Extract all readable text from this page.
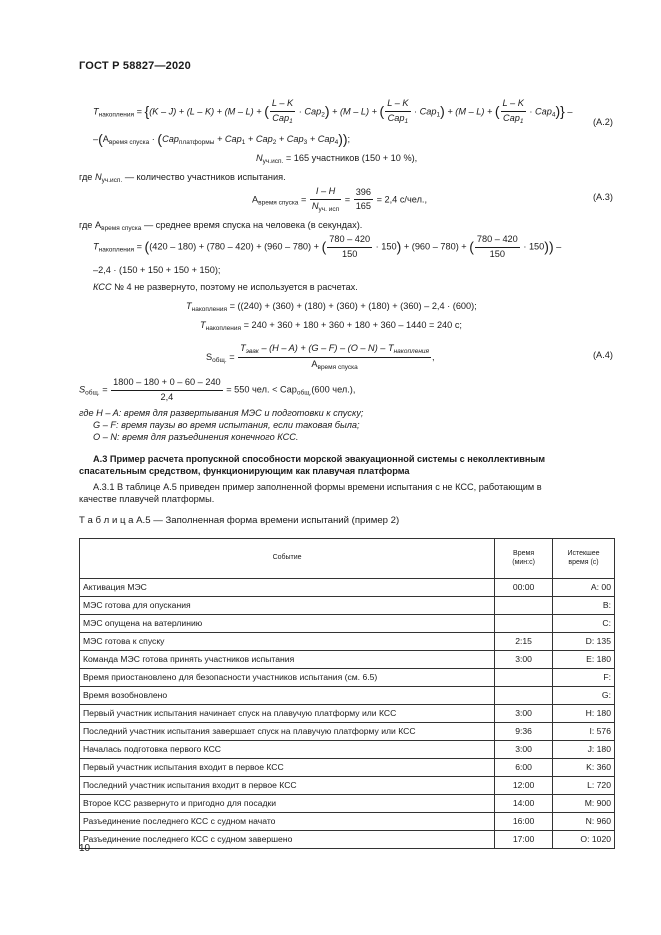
ГОСТ Р 58827—2020
$T_{накопления} = \{(K - J) + (L - K) + (M - L)$ + ( $\frac{L - K}{Cap_1} \cdot Cap_2) + (M - L)$ + ( $\frac{L - K}{Cap_1} \cdot Cap_1) + (M - L)$ + ( $\frac{L - K}{Cap_1} \cdot Cap_4$)} –
(A.2)
$-(A_{время спуска} \cdot (Cap_{платформы} + Cap_1 + Cap_2 + Cap_3 + Cap_4))$;
$N_{уч.исп.} = 165$ участников (150 + 10 %),
где $N_{уч.исп.}$ — количество участников испытания.
$A_{время спуска} = \frac{I - H}{N_{уч. исп}} = \frac{396}{165} = 2,4$ с/чел.,	(A.3)
где $A_{время спуска}$ — среднее время спуска на человека (в секундах).
$T_{накопления} = ((420 - 180) + (780 - 420) + (960 - 780)$ + ( $\frac{780 - 420}{150} \cdot 150) + (960 - 780)$ + ( $\frac{780 - 420}{150} \cdot 150$)) –
–2,4 · (150 + 150 + 150 + 150);
КСС № 4 не развернуто, поэтому не используется в расчетах.
$T_{накопления} = ((240) + (360) + (180) + (360) + (180) + (360) - 2,4 \cdot (600)$;
$T_{накопления} = 240 + 360 + 180 + 360 + 180 + 360 - 1440 = 240$ с;
$S_{общ.} = \frac{T_{эвак} - (H - A) + (G - F) - (O - N) - T_{накопления}}{A_{время спуска}}$ ,	(A.4)
$S_{общ.} = \frac{1800 - 180 + 0 - 60 - 240}{2,4} = 550$ чел. < Cap$_{общ.}$(600 чел.),
где H – A: время для развертывания МЭС и подготовки к спуску;
G – F: время паузы во время испытания, если таковая была;
O – N: время для разъединения конечного КСС.
А.3 Пример расчета пропускной способности морской эвакуационной системы с неколлективным
спасательным средством, функционирующим как плавучая платформа
А.3.1 В таблице А.5 приведен пример заполненной формы времени испытания с не КСС, работающим в
качестве плавучей платформы.
Т а б л и ц а А.5 — Заполненная форма времени испытаний (пример 2)
Событие	Время
(мин:с)	Истекшее
время (с)
Активация МЭС	00:00	A: 00
МЭС готова для опускания		B:
МЭС опущена на ватерлинию		C:
МЭС готова к спуску	2:15	D: 135
Команда МЭС готова принять участников испытания	3:00	E: 180
Время приостановлено для безопасности участников испытания (см. 6.5)		F:
Время возобновлено		G:
Первый участник испытания начинает спуск на плавучую платформу или КСС	3:00	H: 180
Последний участник испытания завершает спуск на плавучую платформу или КСС	9:36	I: 576
Началась подготовка первого КСС	3:00	J: 180
Первый участник испытания входит в первое КСС	6:00	K: 360
Последний участник испытания входит в первое КСС	12:00	L: 720
Второе КСС развернуто и пригодно для посадки	14:00	M: 900
Разъединение последнего КСС с судном начато	16:00	N: 960
Разъединение последнего КСС с судном завершено	17:00	O: 1020
10
